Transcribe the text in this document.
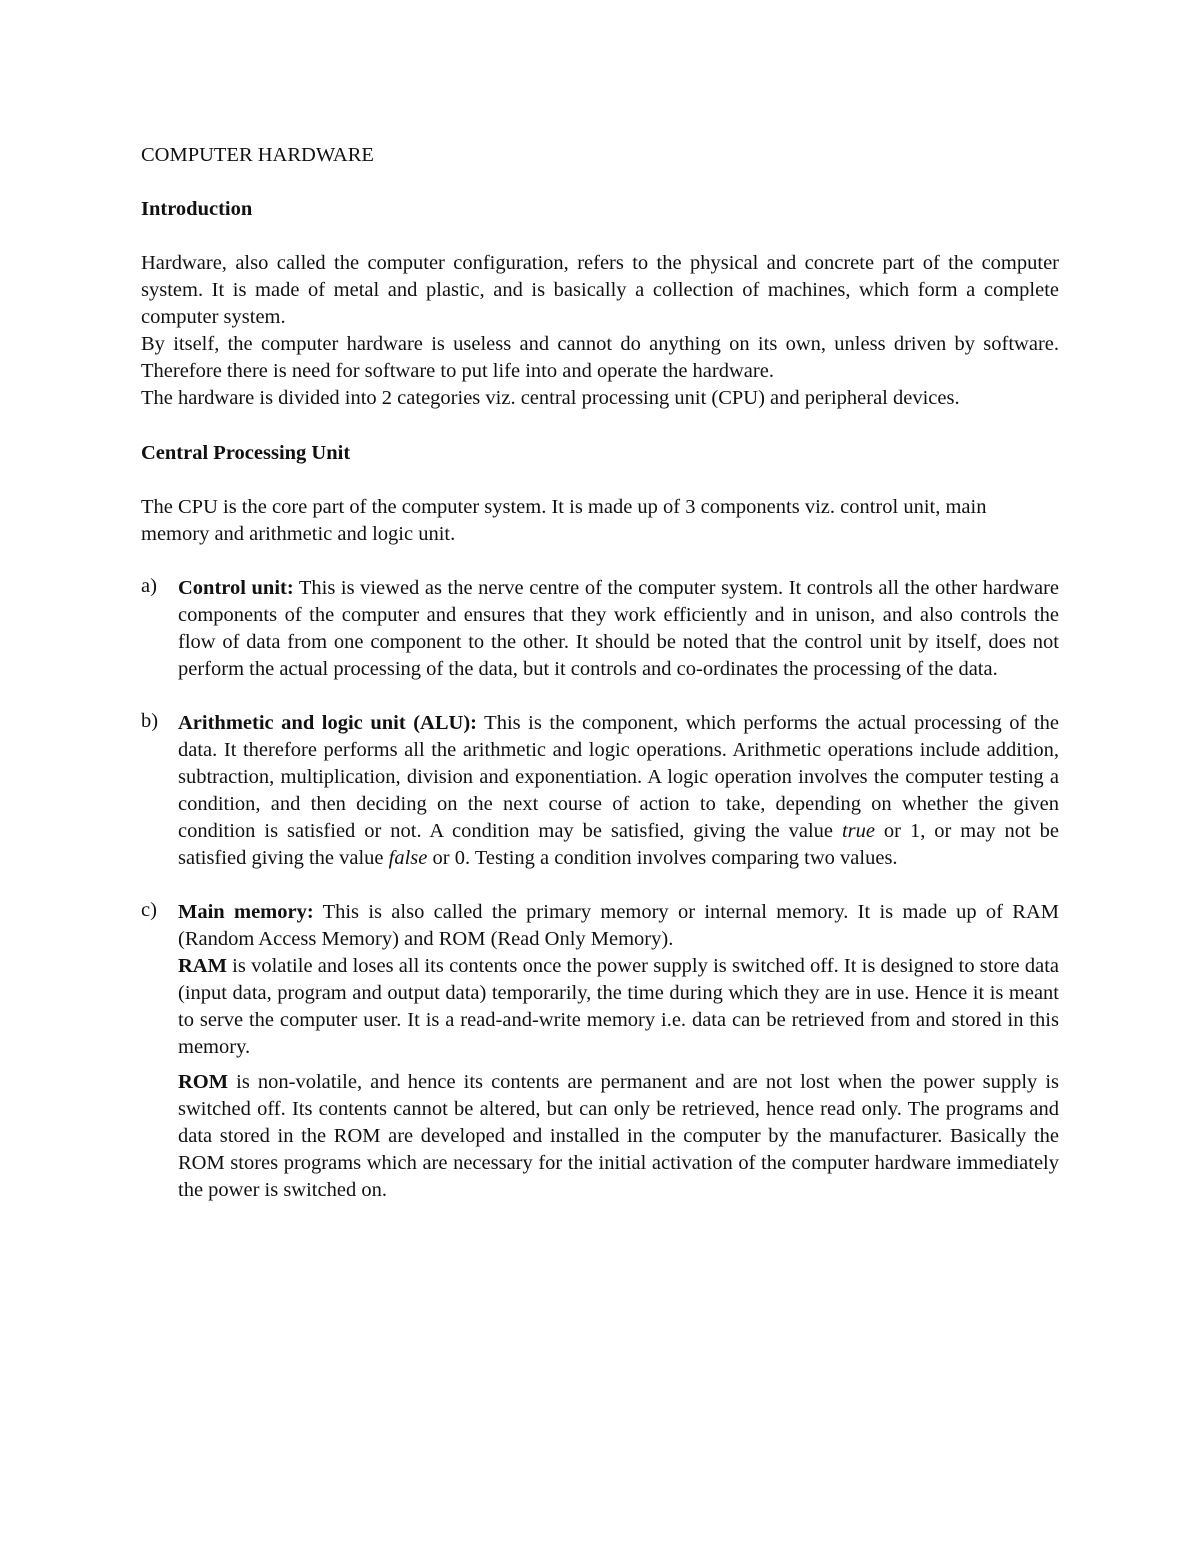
COMPUTER HARDWARE

Introduction

Hardware, also called the computer configuration, refers to the physical and concrete part of the computer system. It is made of metal and plastic, and is basically a collection of machines, which form a complete computer system.

By itself, the computer hardware is useless and cannot do anything on its own, unless driven by software. Therefore there is need for software to put life into and operate the hardware.

The hardware is divided into 2 categories viz. central processing unit (CPU) and peripheral devices.

Central Processing Unit

The CPU is the core part of the computer system. It is made up of 3 components viz. control unit, main memory and arithmetic and logic unit.

a) Control unit: This is viewed as the nerve centre of the computer system. It controls all the other hardware components of the computer and ensures that they work efficiently and in unison, and also controls the flow of data from one component to the other. It should be noted that the control unit by itself, does not perform the actual processing of the data, but it controls and co-ordinates the processing of the data.

b) Arithmetic and logic unit (ALU): This is the component, which performs the actual processing of the data. It therefore performs all the arithmetic and logic operations. Arithmetic operations include addition, subtraction, multiplication, division and exponentiation. A logic operation involves the computer testing a condition, and then deciding on the next course of action to take, depending on whether the given condition is satisfied or not. A condition may be satisfied, giving the value true or 1, or may not be satisfied giving the value false or 0. Testing a condition involves comparing two values.

c) Main memory: This is also called the primary memory or internal memory. It is made up of RAM (Random Access Memory) and ROM (Read Only Memory).

RAM is volatile and loses all its contents once the power supply is switched off. It is designed to store data (input data, program and output data) temporarily, the time during which they are in use. Hence it is meant to serve the computer user. It is a read-and-write memory i.e. data can be retrieved from and stored in this memory.

ROM is non-volatile, and hence its contents are permanent and are not lost when the power supply is switched off. Its contents cannot be altered, but can only be retrieved, hence read only. The programs and data stored in the ROM are developed and installed in the computer by the manufacturer. Basically the ROM stores programs which are necessary for the initial activation of the computer hardware immediately the power is switched on.
